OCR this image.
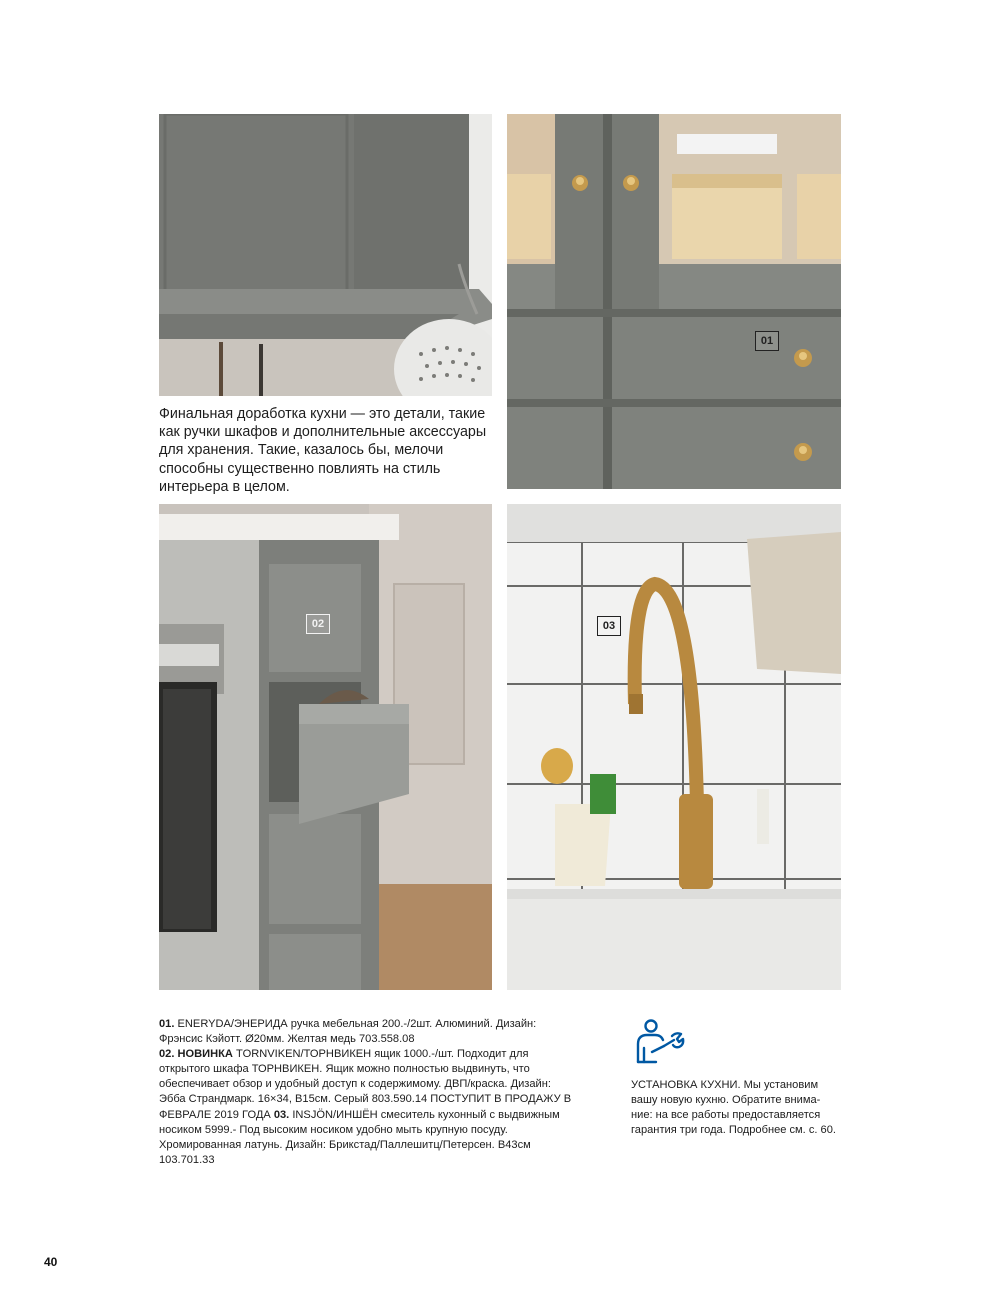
01
Финальная доработка кухни — это детали, такие как ручки шкафов и дополнительные аксессуары для хранения. Такие, казалось бы, мелочи способны существенно повлиять на стиль интерьера в целом.
02	03
01. ENERYDA/ЭНЕРИДА ручка мебельная 200.-/2шт. Алюминий. Дизайн: Фрэнсис Кэйотт. Ø20мм. Желтая медь 703.558.08
02. НОВИНКА TORNVIKEN/ТОРНВИКЕН ящик 1000.-/шт. Подходит для открытого шкафа ТОРНВИКЕН. Ящик можно полностью выдвинуть, что обеспечивает обзор и удобный доступ к содержимому. ДВП/краска. Дизайн: Эбба Страндмарк. 16×34, В15см. Серый 803.590.14 ПОСТУПИТ В ПРОДАЖУ В ФЕВРАЛЕ 2019 ГОДА 03. INSJÖN/ИНШЁН смеситель кухонный с выдвижным носиком 5999.- Под высоким носиком удобно мыть крупную посуду. Хромированная латунь. Дизайн: Брикстад/Паллешитц/Петерсен. В43см 103.701.33
УСТАНОВКА КУХНИ. Мы установим вашу новую кухню. Обратите внима-ние: на все работы предоставляется гарантия три года. Подробнее см. с. 60.
40
